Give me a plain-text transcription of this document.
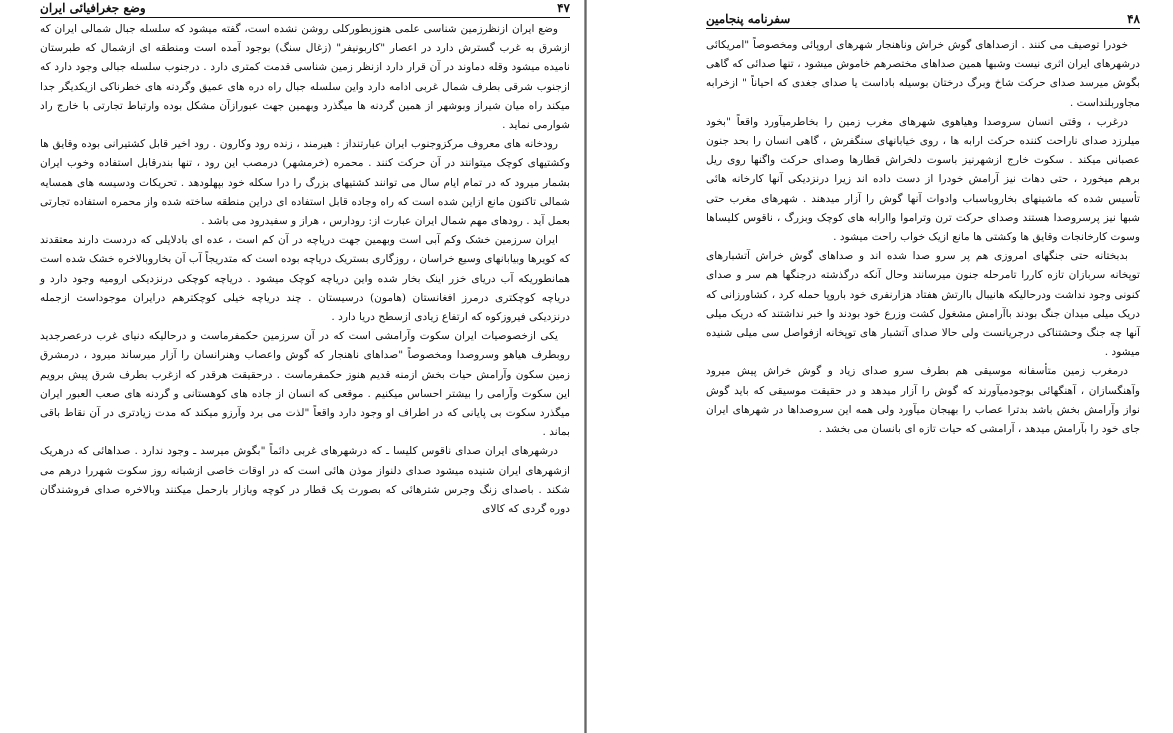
وضع جغرافیائی ایران	۴۷

وضع ایران ازنظرزمین شناسی علمی هنوزبطورکلی روشن نشده است، گفته میشود که سلسله جبال شمالی ایران که ازشرق به غرب گسترش دارد در اعصار "کاربونیفر" (زغال سنگ) بوجود آمده است ومنطقه ای ازشمال که طبرستان نامیده میشود وقله دماوند در آن قرار دارد ازنظر زمین شناسی قدمت کمتری دارد . درجنوب سلسله جبالی وجود دارد که ازجنوب شرقی بطرف شمال غربی ادامه دارد واین سلسله جبال راه دره های عمیق وگردنه های خطرناکی ازیکدیگر جدا میکند راه میان شیراز وبوشهر از همین گردنه ها میگذرد وبهمین جهت عبورازآن مشکل بوده وارتباط تجارتی با خارج راد شوارمی نماید .

رودخانه های معروف مرکزوجنوب ایران عبارتنداز : هیرمند ، زنده رود وکارون . رود اخیر قابل کشتیرانی بوده وقایق ها وکشتیهای کوچک میتوانند در آن حرکت کنند . محمره (خرمشهر) درمصب این رود ، تنها بندرقابل استفاده وخوب ایران بشمار میرود که در تمام ایام سال می توانند کشتیهای بزرگ را درا سکله خود بپهلودهد . تحریکات ودسیسه های همسایه شمالی تاکنون مانع ازاین شده است که راه وجاده قابل استفاده ای دراین منطقه ساخته شده واز محمره استفاده تجارتی بعمل آید . رودهای مهم شمال ایران عبارت از: رودارس ، هراز و سفیدرود می باشد .

ایران سرزمین خشک وکم آبی است وبهمین جهت دریاچه در آن کم است ، عده ای بادلایلی که دردست دارند معتقدند که کویرها وبیابانهای وسیع خراسان ، روزگاری بستریک دریاچه بوده است که متدریجاً آب آن بخاروبالاخره خشک شده است همانطوریکه آب دریای خزر اینک بخار شده واین دریاچه کوچک میشود . دریاچه کوچکی درنزدیکی ارومیه وجود دارد و دریاچه کوچکتری درمرز افغانستان (هامون) درسیستان . چند دریاچه خیلی کوچکترهم درایران موجوداست ازجمله درنزدیکی فیروزکوه که ارتفاع زیادی ازسطح دریا دارد .

یکی ازخصوصیات ایران سکوت وآرامشی است که در آن سرزمین حکمفرماست و درحالیکه دنیای غرب درعصرجدید روبطرف هیاهو وسروصدا ومخصوصاً "صداهای ناهنجار که گوش واعصاب وهنرانسان را آزار میرساند میرود ، درمشرق زمین سکون وآرامش حیات بخش ازمنه قدیم هنوز حکمفرماست . درحقیقت هرقدر که ازغرب بطرف شرق پیش برویم این سکوت وآرامی را بیشتر احساس میکنیم . موقعی که انسان از جاده های کوهستانی و گردنه های صعب العبور ایران میگذرد سکوت بی پایانی که در اطراف او وجود دارد واقعاً "لذت می برد وآرزو میکند که مدت زیادتری در آن نقاط باقی بماند .

درشهرهای ایران صدای ناقوس کلیسا ـ که درشهرهای غربی دائماً "بگوش میرسد ـ وجود ندارد . صداهائی که درهریک ازشهرهای ایران شنیده میشود صدای دلنواز موذن هائی است که در اوقات خاصی ازشبانه روز سکوت شهررا درهم می شکند . باصدای زنگ وجرس شترهائی که بصورت یک قطار در کوچه وبازار بارحمل میکنند وبالاخره صدای فروشندگان دوره گردی که کالای

۴۸
سفرنامه پنجامین

خودرا توصیف می کنند . ازصداهای گوش خراش وناهنجار شهرهای اروپائی ومخصوصاً "امریکائی درشهرهای ایران اثری نیست وشبها همین صداهای مختصرهم خاموش میشود ، تنها صدائی که گاهی بگوش میرسد صدای حرکت شاخ وبرگ درختان بوسیله باداست یا صدای جغدی که احیاناً " ازخرابه مجاوربلنداست .

درغرب ، وقتی انسان سروصدا وهیاهوی شهرهای مغرب زمین را بخاطرمیآورد واقعاً "بخود میلرزد صدای ناراحت کننده حرکت ارابه ها ، روی خیابانهای سنگفرش ، گاهی انسان را بحد جنون عصبانی میکند . سکوت خارج ازشهرنیز باسوت دلخراش قطارها وصدای حرکت واگنها روی ریل برهم میخورد ، حتی دهات نیز آرامش خودرا از دست داده اند زیرا درنزدیکی آنها کارخانه هائی تأسیس شده که ماشینهای بخاروباسباب وادوات آنها گوش را آزار میدهند . شهرهای مغرب حتی شبها نیز پرسروصدا هستند وصدای حرکت ترن وتراموا واارابه های کوچک وبزرگ ، ناقوس کلیساها وسوت کارخانجات وقایق ها وکشتی ها مانع ازیک خواب راحت میشود .

بدبختانه حتی جنگهای امروزی هم پر سرو صدا شده اند و صداهای گوش خراش آتشبارهای توپخانه سربازان تازه کاررا تامرحله جنون میرسانند وحال آنکه درگذشته درجنگها هم سر و صدای کنونی وجود نداشت ودرحالیکه هانیبال باارتش هفتاد هزارنفری خود باروپا حمله کرد ، کشاورزانی که دریک میلی میدان جنگ بودند باآرامش مشغول کشت وزرع خود بودند وا خبر نداشتند که دریک میلی آنها چه جنگ وحشتناکی درجریانست ولی حالا صدای آتشبار های توپخانه ازفواصل سی میلی شنیده میشود .

درمغرب زمین متأسفانه موسیقی هم بطرف سرو صدای زیاد و گوش خراش پیش میرود وآهنگسازان ، آهنگهائی بوجودمیآورند که گوش را آزار میدهد و در حقیقت موسیقی که باید گوش نواز وآرامش بخش باشد بدترا عصاب را بهیجان میآورد ولی همه این سروصداها در شهرهای ایران جای خود را بآرامش میدهد ، آرامشی که حیات تازه ای بانسان می بخشد .
